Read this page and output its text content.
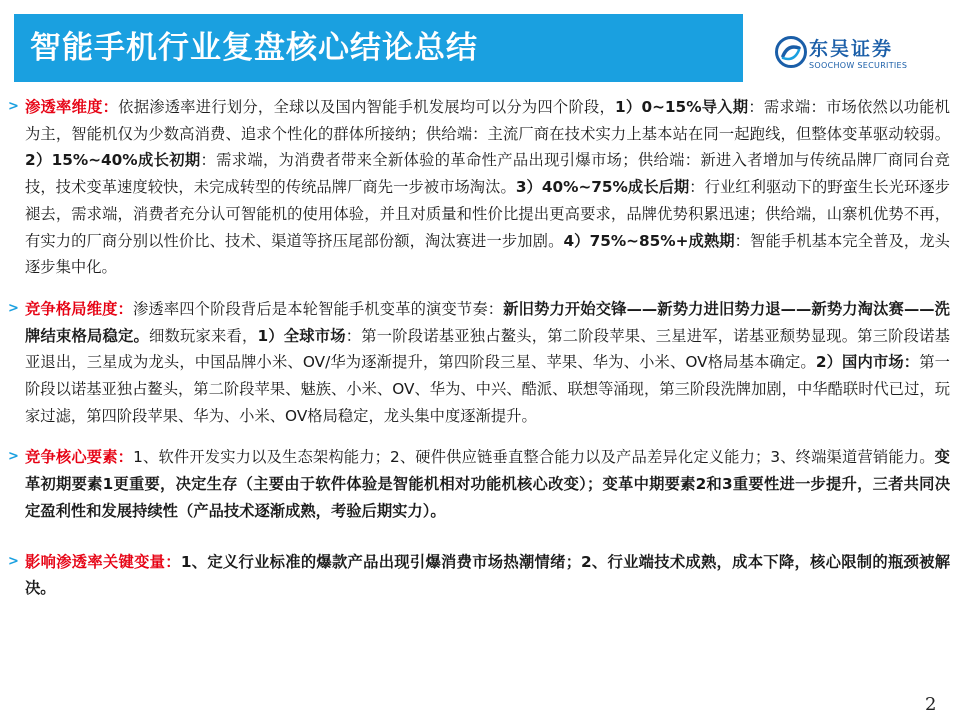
智能手机行业复盘核心结论总结	东吴证券
SOOCHOW SECURITIES
> 渗透率维度：依据渗透率进行划分，全球以及国内智能手机发展均可以分为四个阶段，1）0~15%导入期：需求端：市场依然以功能机为主，智能机仅为少数高消费、追求个性化的群体所接纳；供给端：主流厂商在技术实力上基本站在同一起跑线，但整体变革驱动较弱。2）15%~40%成长初期：需求端，为消费者带来全新体验的革命性产品出现引爆市场；供给端：新进入者增加与传统品牌厂商同台竞技，技术变革速度较快，未完成转型的传统品牌厂商先一步被市场淘汰。3）40%~75%成长后期：行业红利驱动下的野蛮生长光环逐步褪去，需求端，消费者充分认可智能机的使用体验，并且对质量和性价比提出更高要求，品牌优势积累迅速；供给端，山寨机优势不再，有实力的厂商分别以性价比、技术、渠道等挤压尾部份额，淘汰赛进一步加剧。4）75%~85%+成熟期：智能手机基本完全普及，龙头逐步集中化。
> 竞争格局维度：渗透率四个阶段背后是本轮智能手机变革的演变节奏：新旧势力开始交锋——新势力进旧势力退——新势力淘汰赛——洗牌结束格局稳定。细数玩家来看，1）全球市场：第一阶段诺基亚独占鳌头，第二阶段苹果、三星进军，诺基亚颓势显现。第三阶段诺基亚退出，三星成为龙头，中国品牌小米、OV/华为逐渐提升，第四阶段三星、苹果、华为、小米、OV格局基本确定。2）国内市场：第一阶段以诺基亚独占鳌头，第二阶段苹果、魅族、小米、OV、华为、中兴、酷派、联想等涌现，第三阶段洗牌加剧，中华酷联时代已过，玩家过滤，第四阶段苹果、华为、小米、OV格局稳定，龙头集中度逐渐提升。
> 竞争核心要素：1、软件开发实力以及生态架构能力；2、硬件供应链垂直整合能力以及产品差异化定义能力；3、终端渠道营销能力。变革初期要素1更重要，决定生存（主要由于软件体验是智能机相对功能机核心改变）；变革中期要素2和3重要性进一步提升，三者共同决定盈利性和发展持续性（产品技术逐渐成熟，考验后期实力）。
> 影响渗透率关键变量：1、定义行业标准的爆款产品出现引爆消费市场热潮情绪；2、行业端技术成熟，成本下降，核心限制的瓶颈被解决。
2
